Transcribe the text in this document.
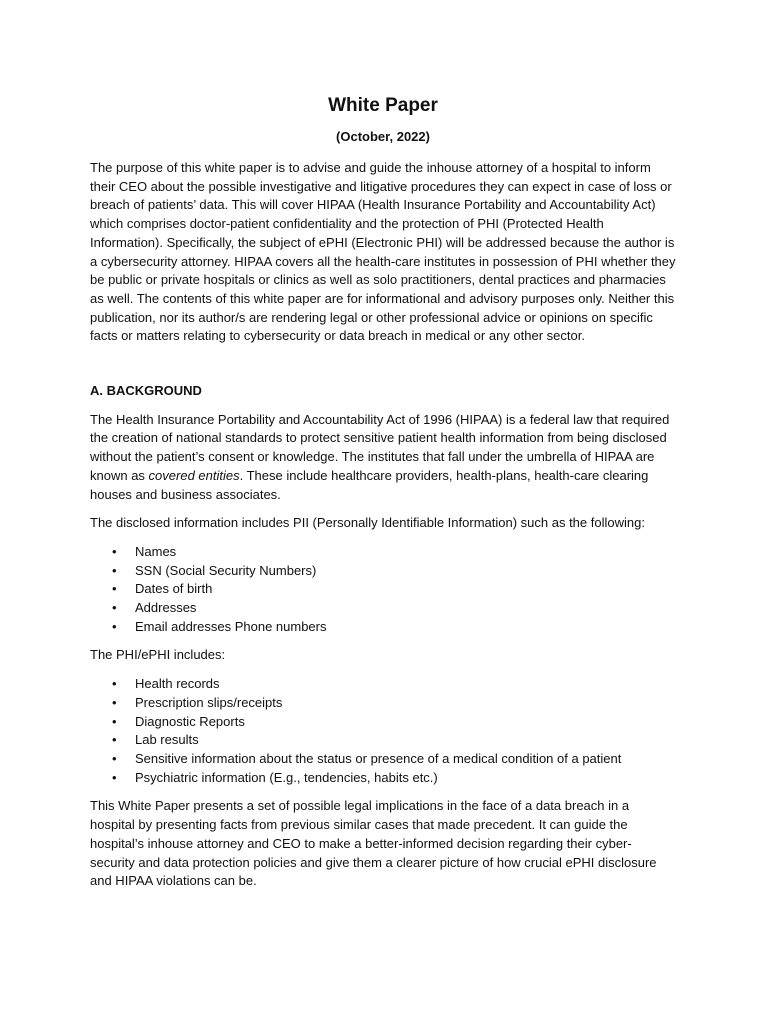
White Paper
(October, 2022)

The purpose of this white paper is to advise and guide the inhouse attorney of a hospital to inform their CEO about the possible investigative and litigative procedures they can expect in case of loss or breach of patients’ data. This will cover HIPAA (Health Insurance Portability and Accountability Act) which comprises doctor-patient confidentiality and the protection of PHI (Protected Health Information). Specifically, the subject of ePHI (Electronic PHI) will be addressed because the author is a cybersecurity attorney. HIPAA covers all the health-care institutes in possession of PHI whether they be public or private hospitals or clinics as well as solo practitioners, dental practices and pharmacies as well. The contents of this white paper are for informational and advisory purposes only. Neither this publication, nor its author/s are rendering legal or other professional advice or opinions on specific facts or matters relating to cybersecurity or data breach in medical or any other sector.

A. BACKGROUND

The Health Insurance Portability and Accountability Act of 1996 (HIPAA) is a federal law that required the creation of national standards to protect sensitive patient health information from being disclosed without the patient’s consent or knowledge. The institutes that fall under the umbrella of HIPAA are known as covered entities. These include healthcare providers, health-plans, health-care clearing houses and business associates.

The disclosed information includes PII (Personally Identifiable Information) such as the following:

• Names
• SSN (Social Security Numbers)
• Dates of birth
• Addresses
• Email addresses Phone numbers

The PHI/ePHI includes:

• Health records
• Prescription slips/receipts
• Diagnostic Reports
• Lab results
• Sensitive information about the status or presence of a medical condition of a patient
• Psychiatric information (E.g., tendencies, habits etc.)

This White Paper presents a set of possible legal implications in the face of a data breach in a hospital by presenting facts from previous similar cases that made precedent. It can guide the hospital’s inhouse attorney and CEO to make a better-informed decision regarding their cyber-security and data protection policies and give them a clearer picture of how crucial ePHI disclosure and HIPAA violations can be.
